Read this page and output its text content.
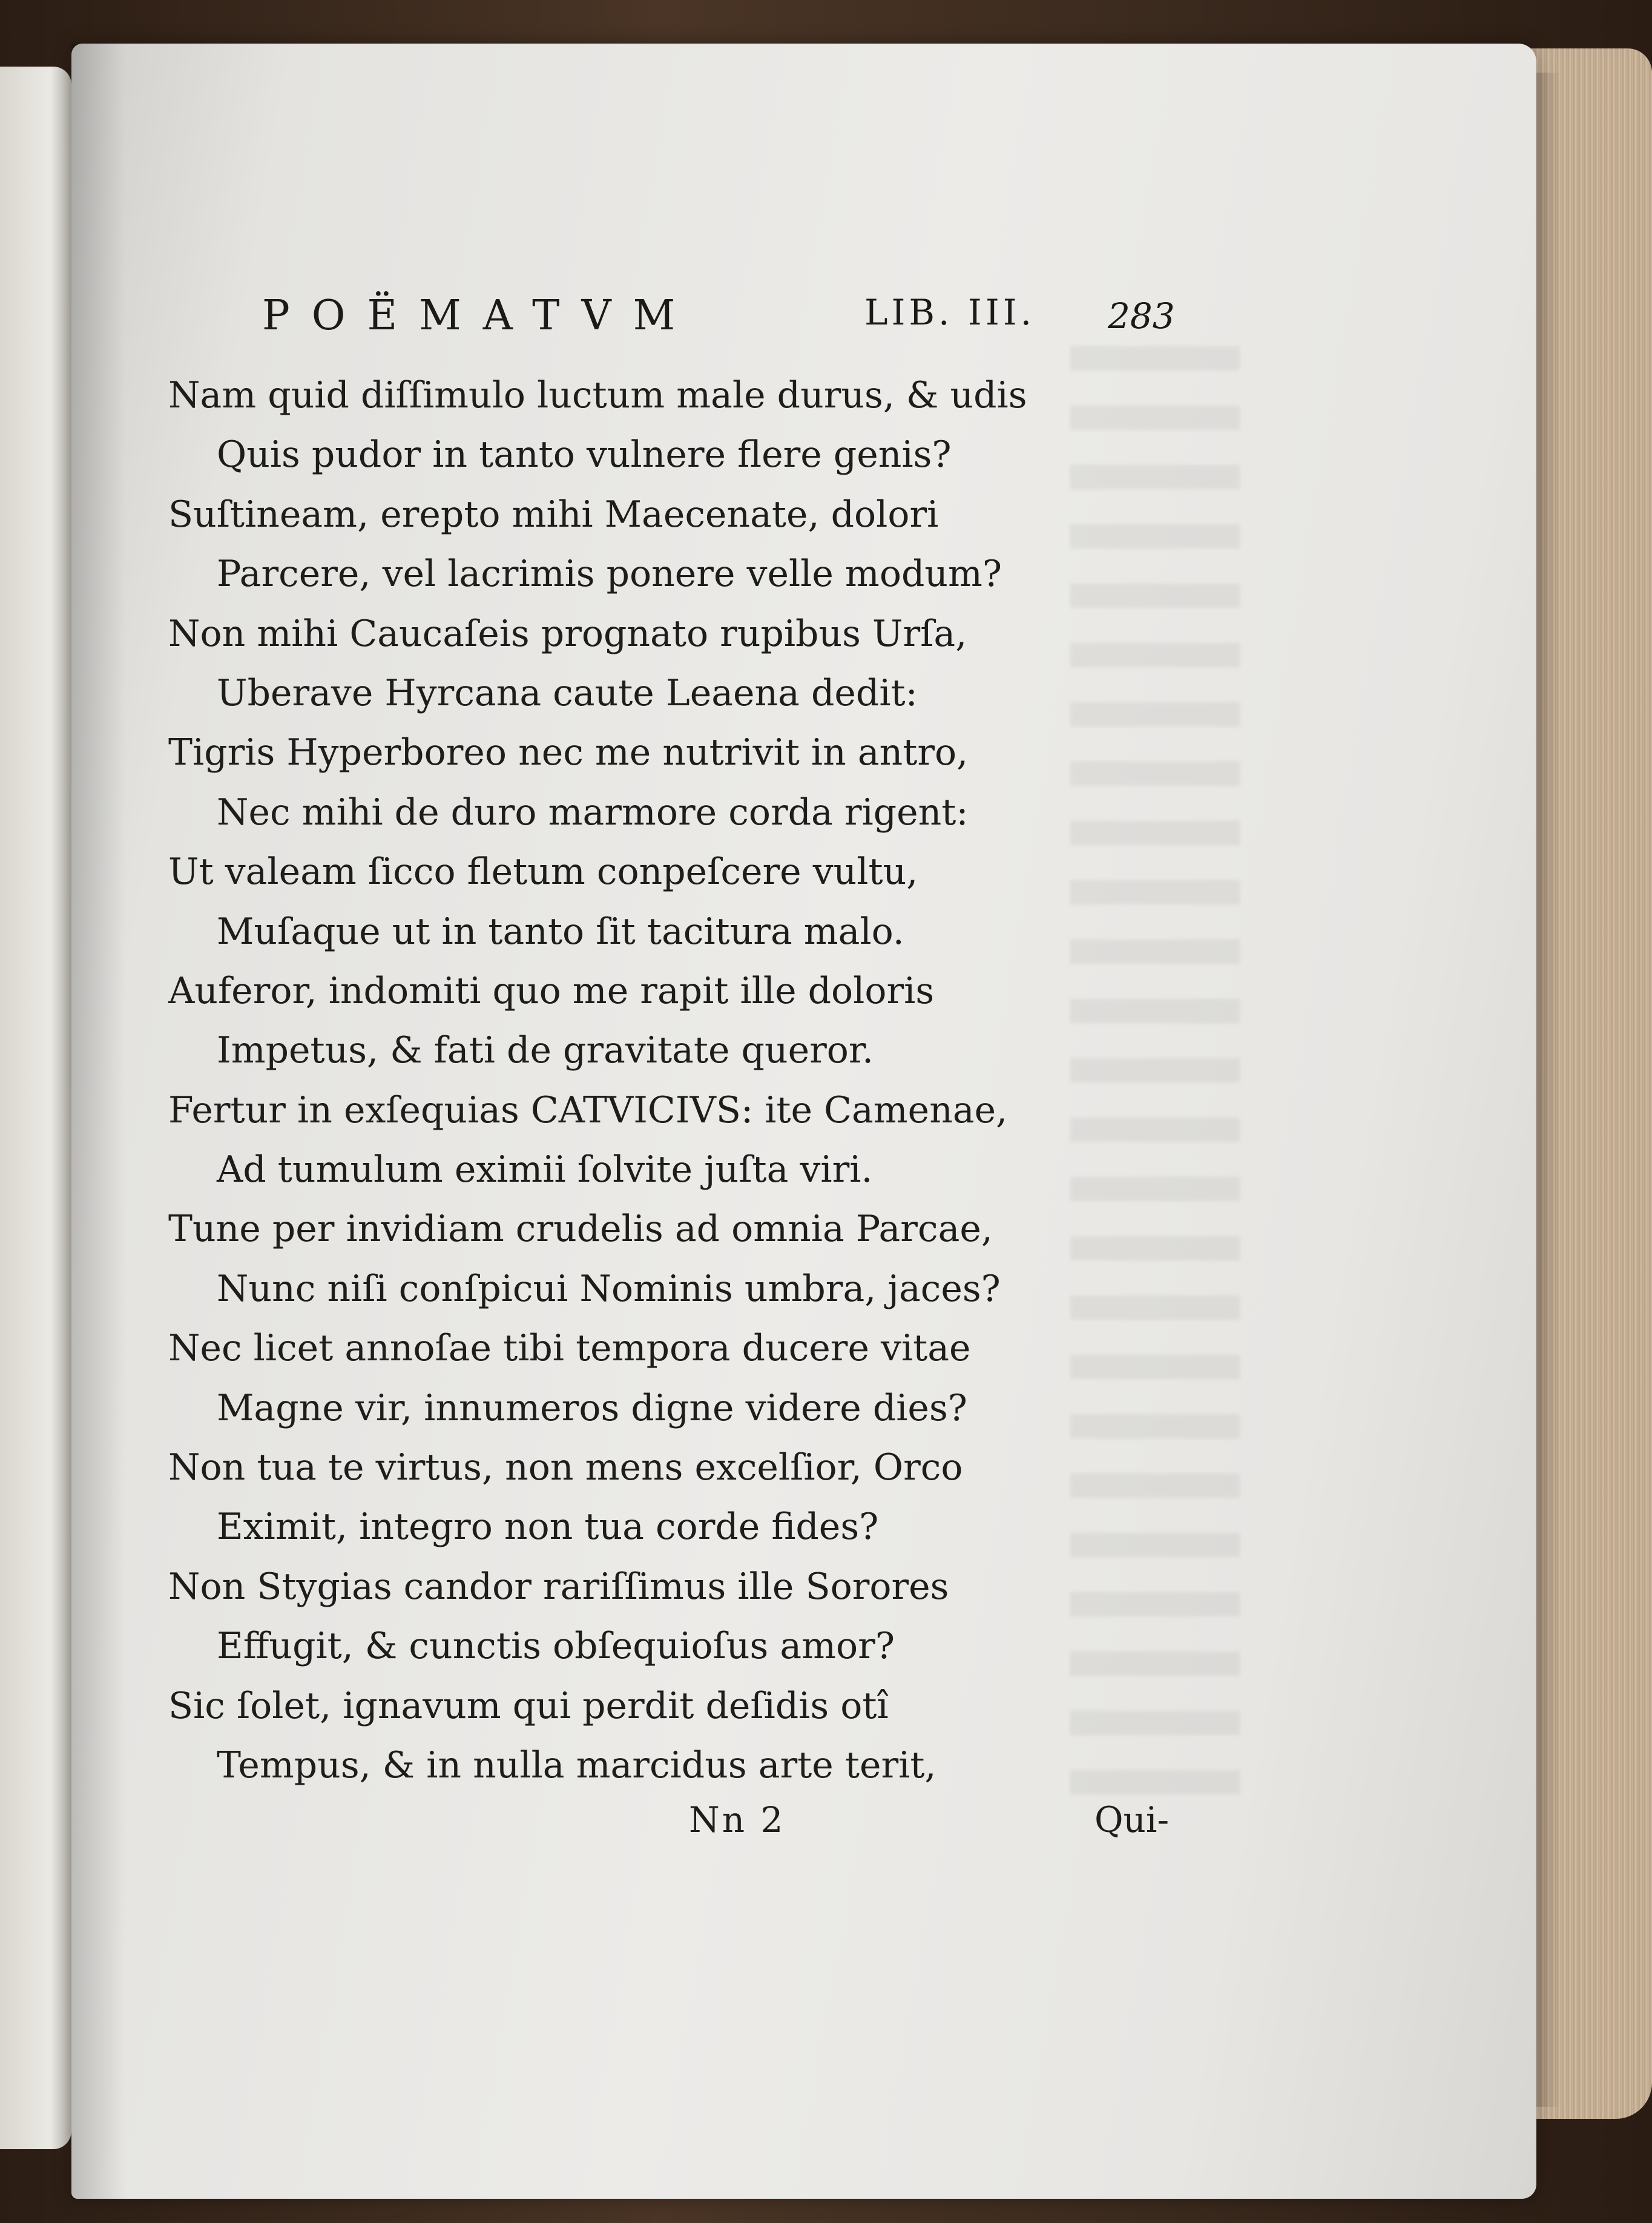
POËMATVM	LIB. III. 283
Nam quid diſſimulo luctum male durus, & udis
Quis pudor in tanto vulnere flere genis?
Suſtineam, erepto mihi Maecenate, dolori
Parcere, vel lacrimis ponere velle modum?
Non mihi Caucaſeis prognato rupibus Urſa,
Uberave Hyrcana caute Leaena dedit:
Tigris Hyperboreo nec me nutrivit in antro,
Nec mihi de duro marmore corda rigent:
Ut valeam ſicco fletum conpeſcere vultu,
Muſaque ut in tanto ſit tacitura malo.
Auferor, indomiti quo me rapit ille doloris
Impetus, & fati de gravitate queror.
Fertur in exſequias CATVICIVS: ite Camenae,
Ad tumulum eximii ſolvite juſta viri.
Tune per invidiam crudelis ad omnia Parcae,
Nunc niſi conſpicui Nominis umbra, jaces?
Nec licet annoſae tibi tempora ducere vitae
Magne vir, innumeros digne videre dies?
Non tua te virtus, non mens excelſior, Orco
Eximit, integro non tua corde fides?
Non Stygias candor rariſſimus ille Sorores
Effugit, & cunctis obſequioſus amor?
Sic ſolet, ignavum qui perdit deſidis otî
Tempus, & in nulla marcidus arte terit,
Nn 2	Qui-
